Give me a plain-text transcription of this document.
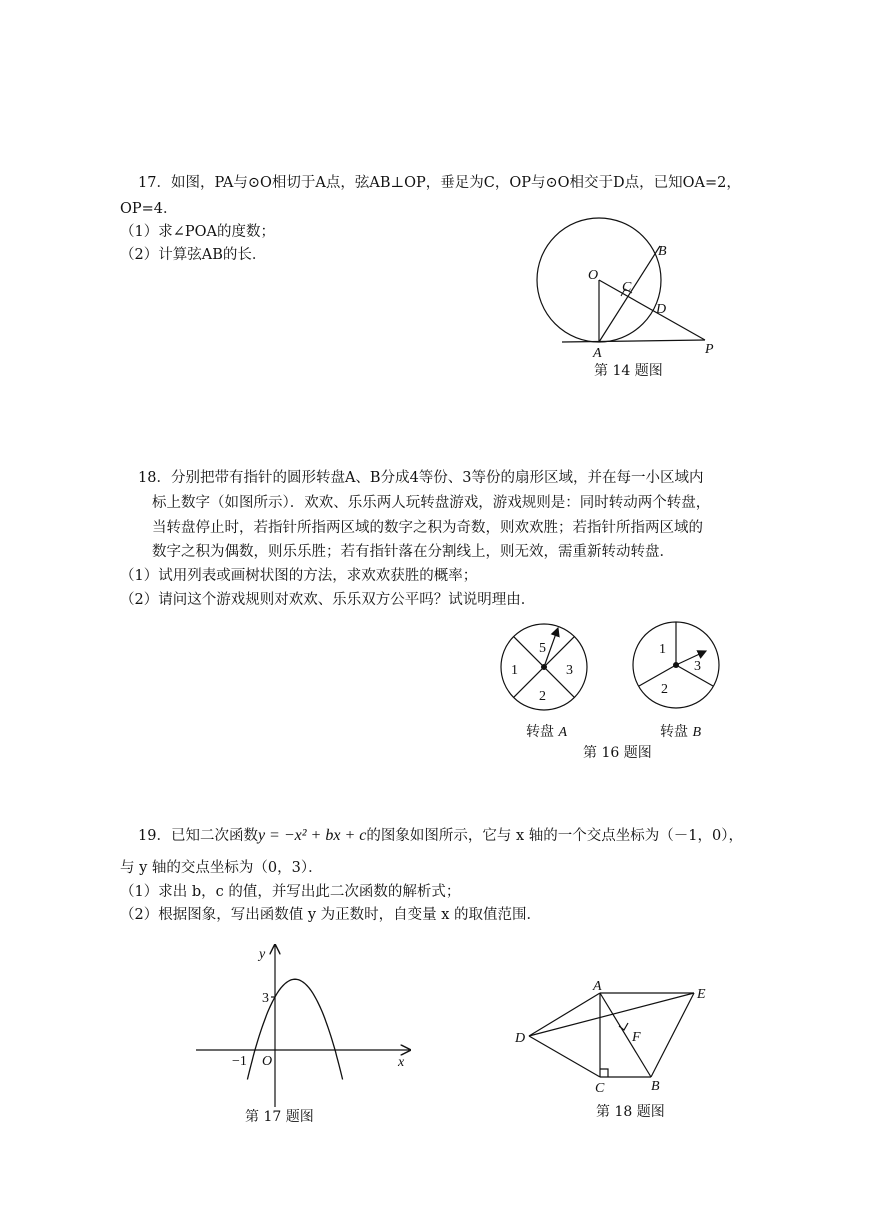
17．如图，PA与⊙O相切于A点，弦AB⊥OP，垂足为C，OP与⊙O相交于D点，已知OA=2，
OP=4．
（1）求∠POA的度数；
（2）计算弦AB的长．	B
O
C
D
A	P
第 14 题图
18．分别把带有指针的圆形转盘A、B分成4等份、3等份的扇形区域，并在每一小区域内
标上数字（如图所示）．欢欢、乐乐两人玩转盘游戏，游戏规则是：同时转动两个转盘，
当转盘停止时，若指针所指两区域的数字之积为奇数，则欢欢胜；若指针所指两区域的
数字之积为偶数，则乐乐胜；若有指针落在分割线上，则无效，需重新转动转盘．
（1）试用列表或画树状图的方法，求欢欢获胜的概率；
（2）请问这个游戏规则对欢欢、乐乐双方公平吗？试说明理由．
5
1	3
2
转盘 A
1
3
2
转盘 B
第 16 题图
19．已知二次函数y = −x² + bx + c的图象如图所示，它与 x 轴的一个交点坐标为（－1，0），
与 y 轴的交点坐标为（0，3）．
（1）求出 b，c 的值，并写出此二次函数的解析式；
（2）根据图象，写出函数值 y 为正数时，自变量 x 的取值范围．
y
x
3
−1 O
第 17 题图
A
E
D	F
C	B
第 18 题图
